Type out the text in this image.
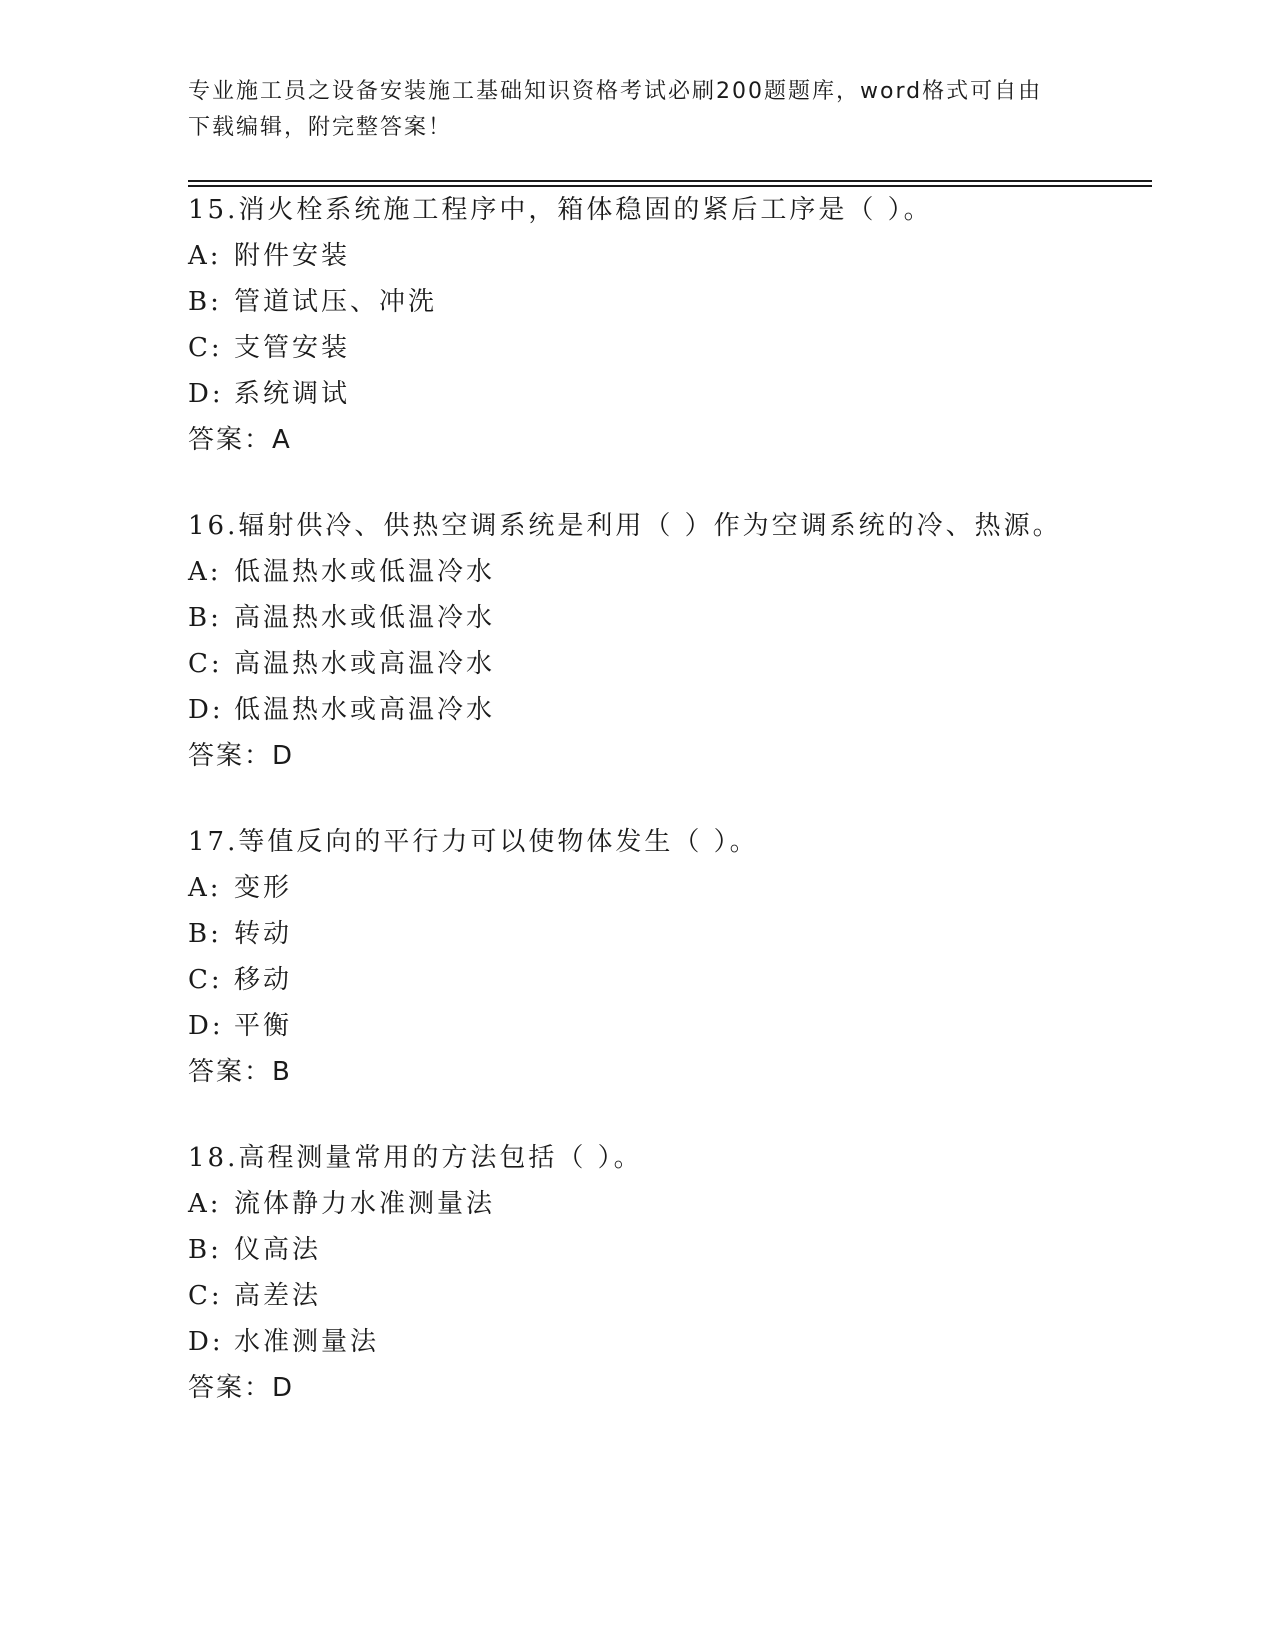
专业施工员之设备安装施工基础知识资格考试必刷200题题库，word格式可自由
下载编辑，附完整答案！
15.消火栓系统施工程序中，箱体稳固的紧后工序是（ ）。
A: 附件安装
B: 管道试压、冲洗
C: 支管安装
D: 系统调试
答案：A
16.辐射供冷、供热空调系统是利用（ ）作为空调系统的冷、热源。
A: 低温热水或低温冷水
B: 高温热水或低温冷水
C: 高温热水或高温冷水
D: 低温热水或高温冷水
答案：D
17.等值反向的平行力可以使物体发生（ ）。
A: 变形
B: 转动
C: 移动
D: 平衡
答案：B
18.高程测量常用的方法包括（ ）。
A: 流体静力水准测量法
B: 仪高法
C: 高差法
D: 水准测量法
答案：D
